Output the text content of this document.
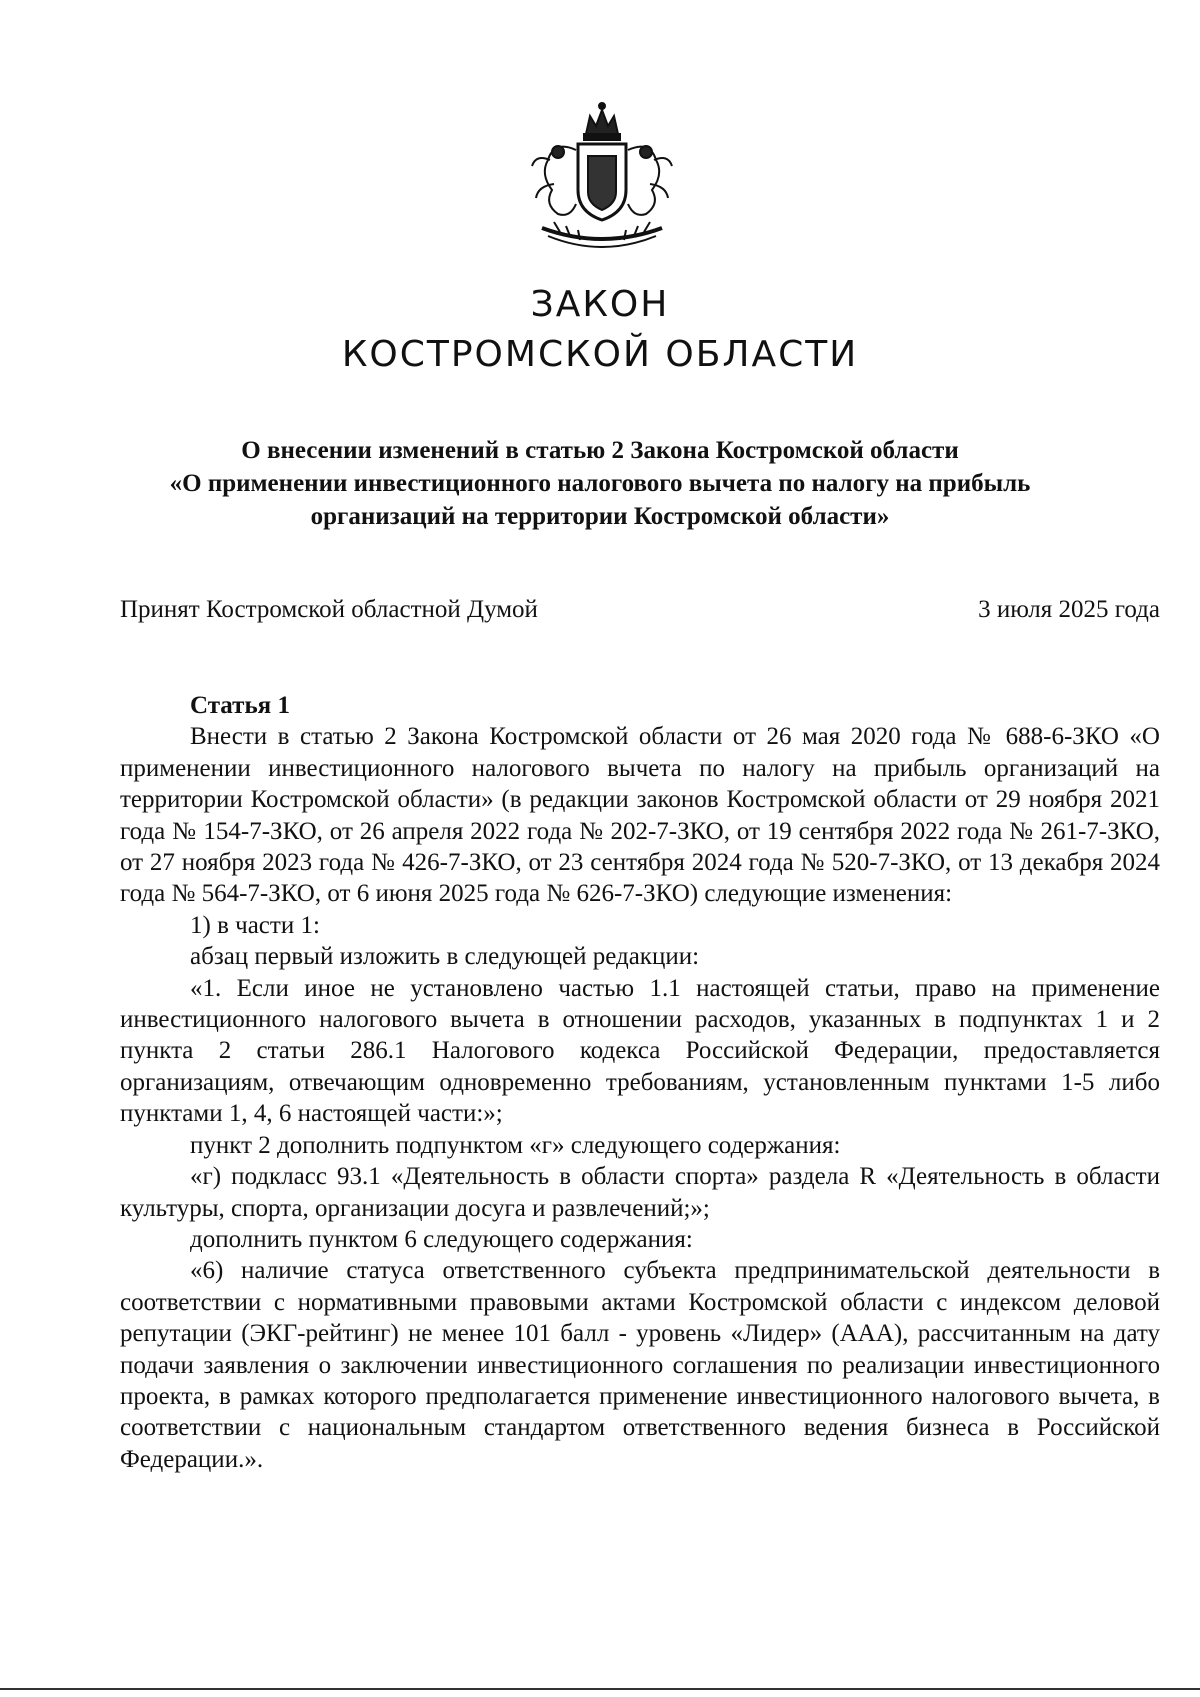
ЗАКОН
КОСТРОМСКОЙ ОБЛАСТИ
О внесении изменений в статью 2 Закона Костромской области
«О применении инвестиционного налогового вычета по налогу на прибыль
организаций на территории Костромской области»
Принят Костромской областной Думой	3 июля 2025 года

Статья 1

Внести в статью 2 Закона Костромской области от 26 мая 2020 года № 688-6-ЗКО «О применении инвестиционного налогового вычета по налогу на прибыль организаций на территории Костромской области» (в редакции законов Костромской области от 29 ноября 2021 года № 154-7-ЗКО, от 26 апреля 2022 года № 202-7-ЗКО, от 19 сентября 2022 года № 261-7-ЗКО, от 27 ноября 2023 года № 426-7-ЗКО, от 23 сентября 2024 года № 520-7-ЗКО, от 13 декабря 2024 года № 564-7-ЗКО, от 6 июня 2025 года № 626-7-ЗКО) следующие изменения:

1) в части 1:

абзац первый изложить в следующей редакции:

«1. Если иное не установлено частью 1.1 настоящей статьи, право на применение инвестиционного налогового вычета в отношении расходов, указанных в подпунктах 1 и 2 пункта 2 статьи 286.1 Налогового кодекса Российской Федерации, предоставляется организациям, отвечающим одновременно требованиям, установленным пунктами 1-5 либо пунктами 1, 4, 6 настоящей части:»;

пункт 2 дополнить подпунктом «г» следующего содержания:

«г) подкласс 93.1 «Деятельность в области спорта» раздела R «Деятельность в области культуры, спорта, организации досуга и развлечений;»;

дополнить пунктом 6 следующего содержания:

«6) наличие статуса ответственного субъекта предпринимательской деятельности в соответствии с нормативными правовыми актами Костромской области с индексом деловой репутации (ЭКГ-рейтинг) не менее 101 балл - уровень «Лидер» (ААА), рассчитанным на дату подачи заявления о заключении инвестиционного соглашения по реализации инвестиционного проекта, в рамках которого предполагается применение инвестиционного налогового вычета, в соответствии с национальным стандартом ответственного ведения бизнеса в Российской Федерации.».
